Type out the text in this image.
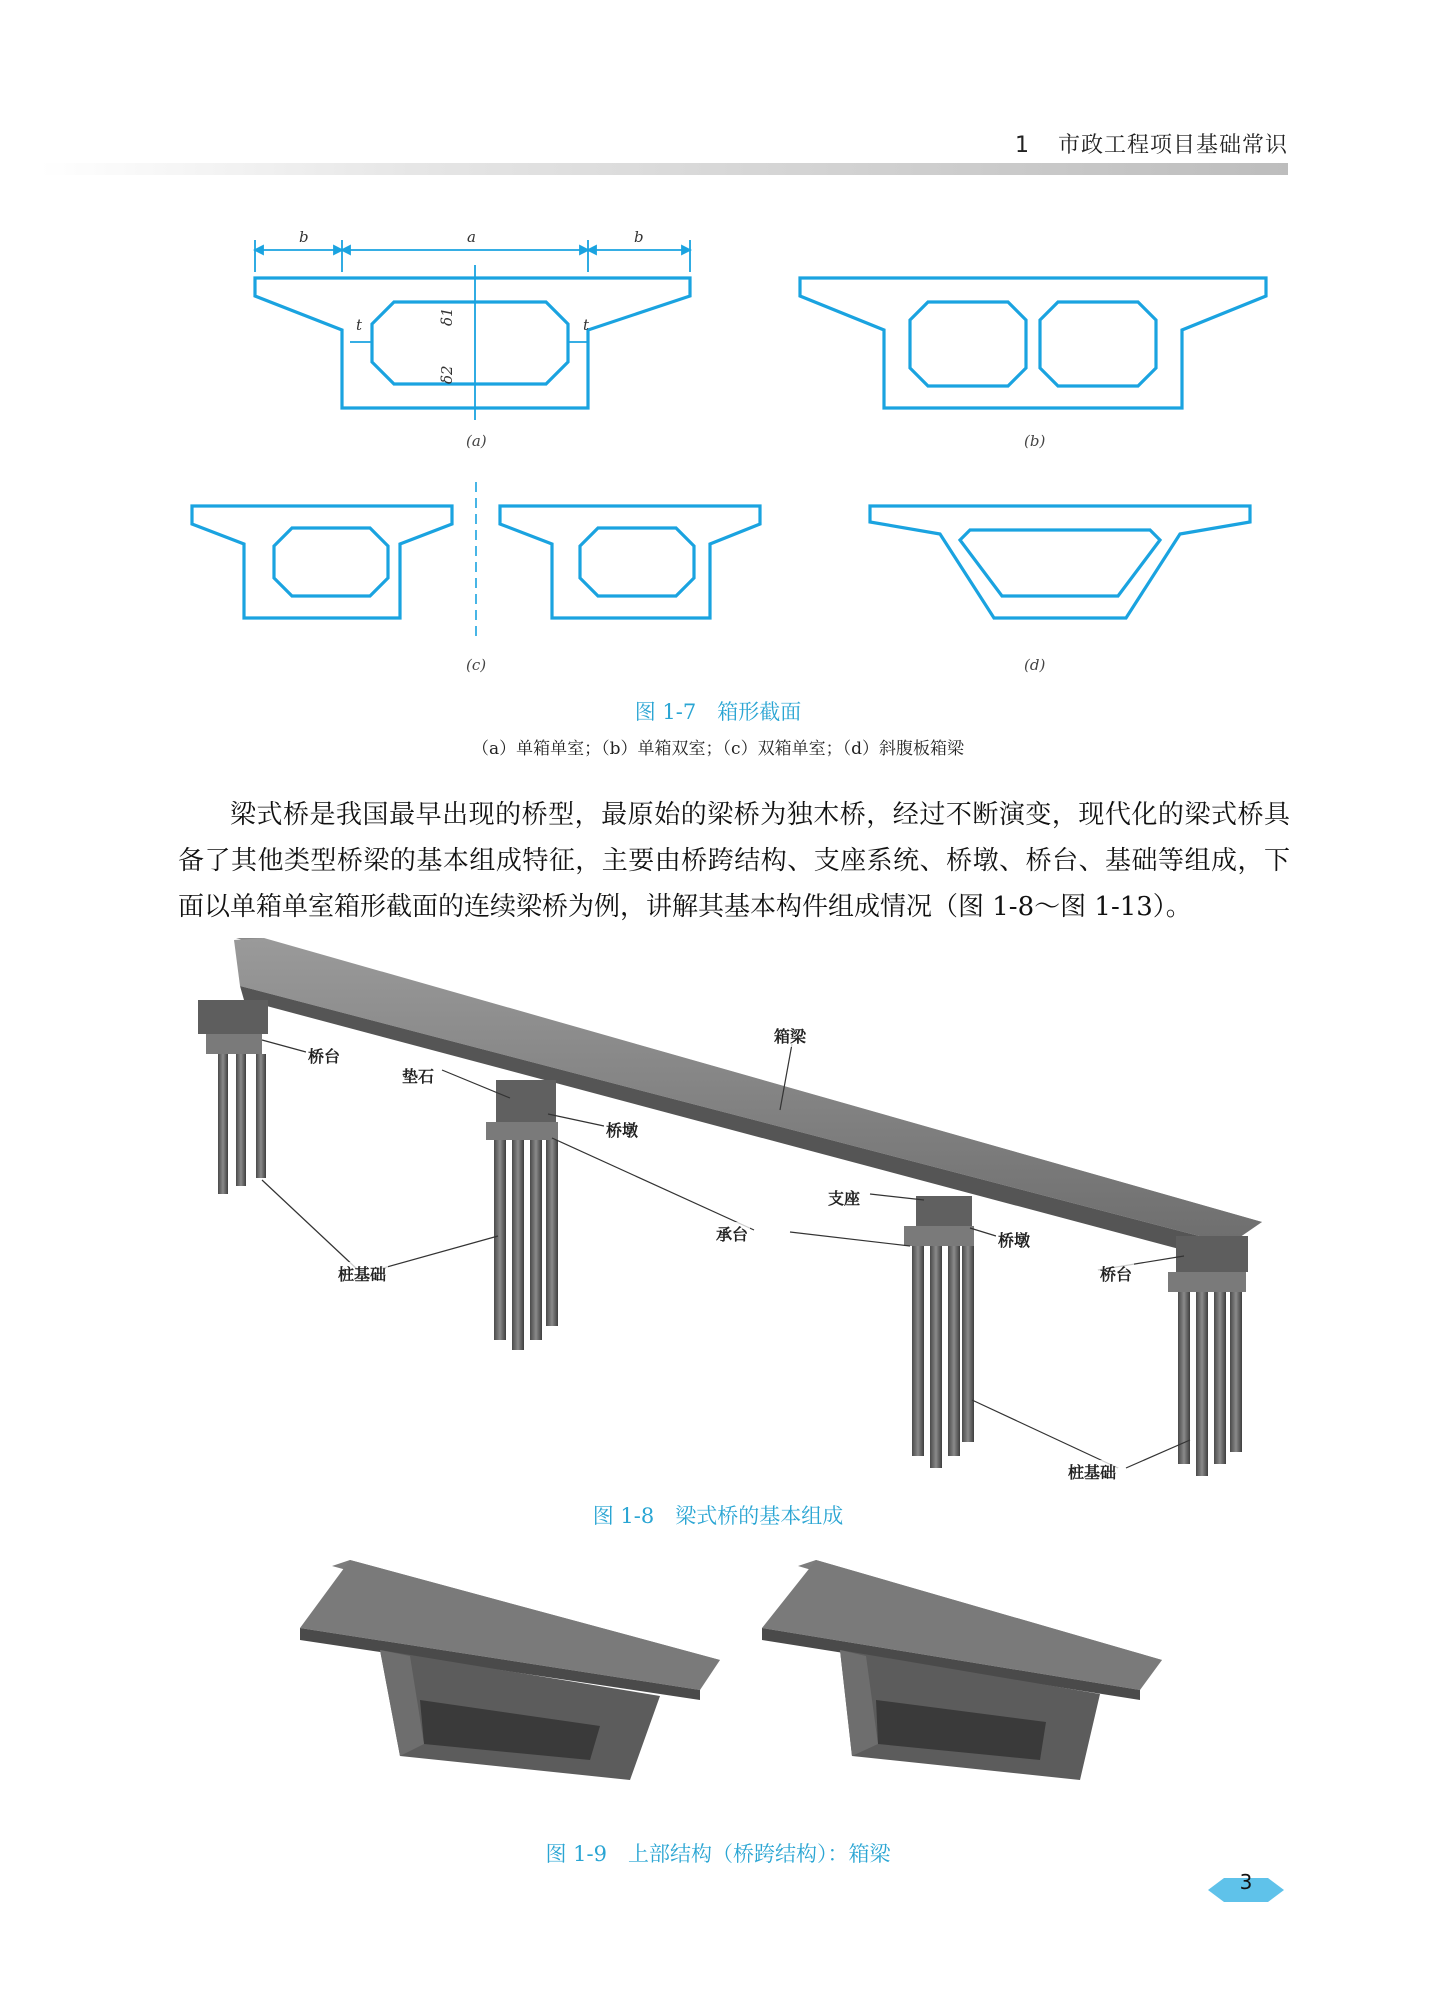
1 市政工程项目基础常识
b	a	b
t	t
δ1
δ2
(a)	(b)
(c)	(d)
图 1-7　箱形截面
（a）单箱单室；（b）单箱双室；（c）双箱单室；（d）斜腹板箱梁

梁式桥是我国最早出现的桥型，最原始的梁桥为独木桥，经过不断演变，现代化的梁式桥具备了其他类型桥梁的基本组成特征，主要由桥跨结构、支座系统、桥墩、桥台、基础等组成，下面以单箱单室箱形截面的连续梁桥为例，讲解其基本构件组成情况（图 1-8～图 1-13）。

箱梁
桥台
垫石
桥墩
支座
承台	桥墩
桥台
桩基础
桩基础
图 1-8　梁式桥的基本组成
图 1-9　上部结构（桥跨结构）：箱梁
3
